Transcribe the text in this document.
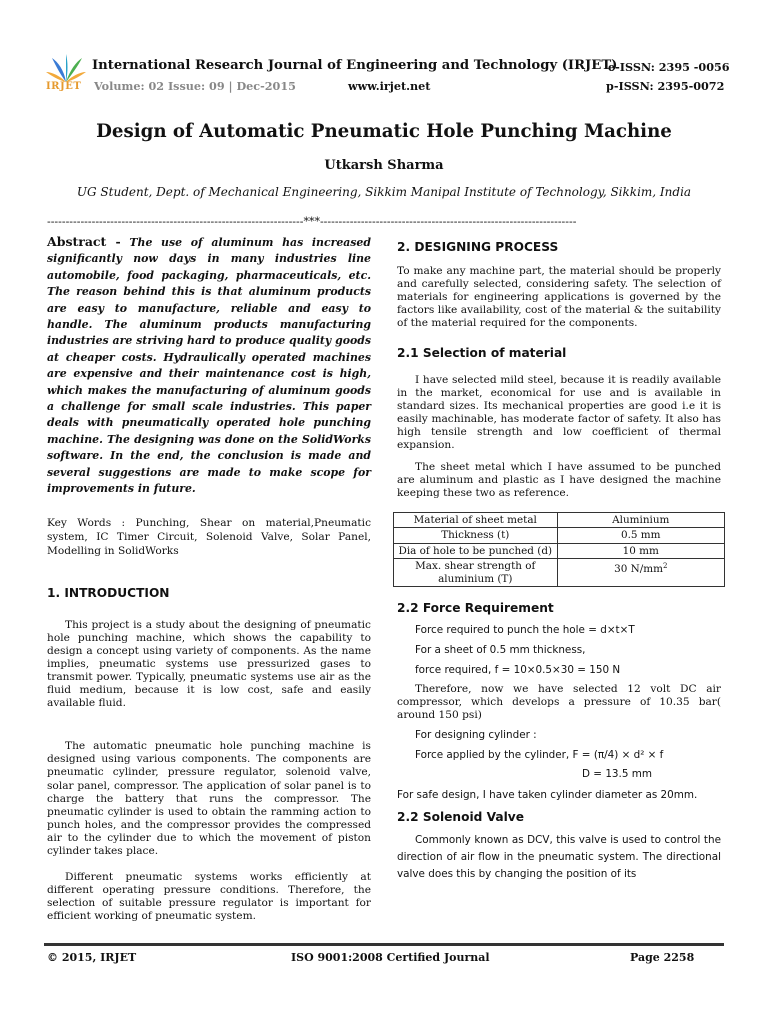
IRJET
International Research Journal of Engineering and Technology (IRJET)
Volume: 02 Issue: 09 | Dec-2015	www.irjet.net
e-ISSN: 2395 -0056
p-ISSN: 2395-0072
Design of Automatic Pneumatic Hole Punching Machine
Utkarsh Sharma
UG Student, Dept. of Mechanical Engineering, Sikkim Manipal Institute of Technology, Sikkim, India
---------------------------------------------------------------------***---------------------------------------------------------------------

Abstract - The use of aluminum has increased significantly now days in many industries line automobile, food packaging, pharmaceuticals, etc. The reason behind this is that aluminum products are easy to manufacture, reliable and easy to handle. The aluminum products manufacturing industries are striving hard to produce quality goods at cheaper costs. Hydraulically operated machines are expensive and their maintenance cost is high, which makes the manufacturing of aluminum goods a challenge for small scale industries. This paper deals with pneumatically operated hole punching machine. The designing was done on the SolidWorks software. In the end, the conclusion is made and several suggestions are made to make scope for improvements in future.

Key Words : Punching, Shear on material,Pneumatic system, IC Timer Circuit, Solenoid Valve, Solar Panel, Modelling in SolidWorks

1. INTRODUCTION

This project is a study about the designing of pneumatic hole punching machine, which shows the capability to design a concept using variety of components. As the name implies, pneumatic systems use pressurized gases to transmit power. Typically, pneumatic systems use air as the fluid medium, because it is low cost, safe and easily available fluid.

The automatic pneumatic hole punching machine is designed using various components. The components are pneumatic cylinder, pressure regulator, solenoid valve, solar panel, compressor. The application of solar panel is to charge the battery that runs the compressor. The pneumatic cylinder is used to obtain the ramming action to punch holes, and the compressor provides the compressed air to the cylinder due to which the movement of piston cylinder takes place.

Different pneumatic systems works efficiently at different operating pressure conditions. Therefore, the selection of suitable pressure regulator is important for efficient working of pneumatic system.

2. DESIGNING PROCESS

To make any machine part, the material should be properly and carefully selected, considering safety. The selection of materials for engineering applications is governed by the factors like availability, cost of the material & the suitability of the material required for the components.

2.1 Selection of material

I have selected mild steel, because it is readily available in the market, economical for use and is available in standard sizes. Its mechanical properties are good i.e it is easily machinable, has moderate factor of safety. It also has high tensile strength and low coefficient of thermal expansion.

The sheet metal which I have assumed to be punched are aluminum and plastic as I have designed the machine keeping these two as reference.

Material of sheet metal	Aluminium
Thickness (t)	0.5 mm
Dia of hole to be punched (d)	10 mm
Max. shear strength of aluminium (T)	30 $N/mm^2$
2.2 Force Requirement

Force required to punch the hole = d×t×T

For a sheet of 0.5 mm thickness,

force required, f = 10×0.5×30 = 150 N

Therefore, now we have selected 12 volt DC air compressor, which develops a pressure of 10.35 bar( around 150 psi)

For designing cylinder :

Force applied by the cylinder, F = (π/4) × d² × f

D = 13.5 mm

For safe design, I have taken cylinder diameter as 20mm.

2.2 Solenoid Valve

Commonly known as DCV, this valve is used to control the direction of air flow in the pneumatic system. The directional valve does this by changing the position of its

© 2015, IRJET	ISO 9001:2008 Certified Journal	Page 2258
